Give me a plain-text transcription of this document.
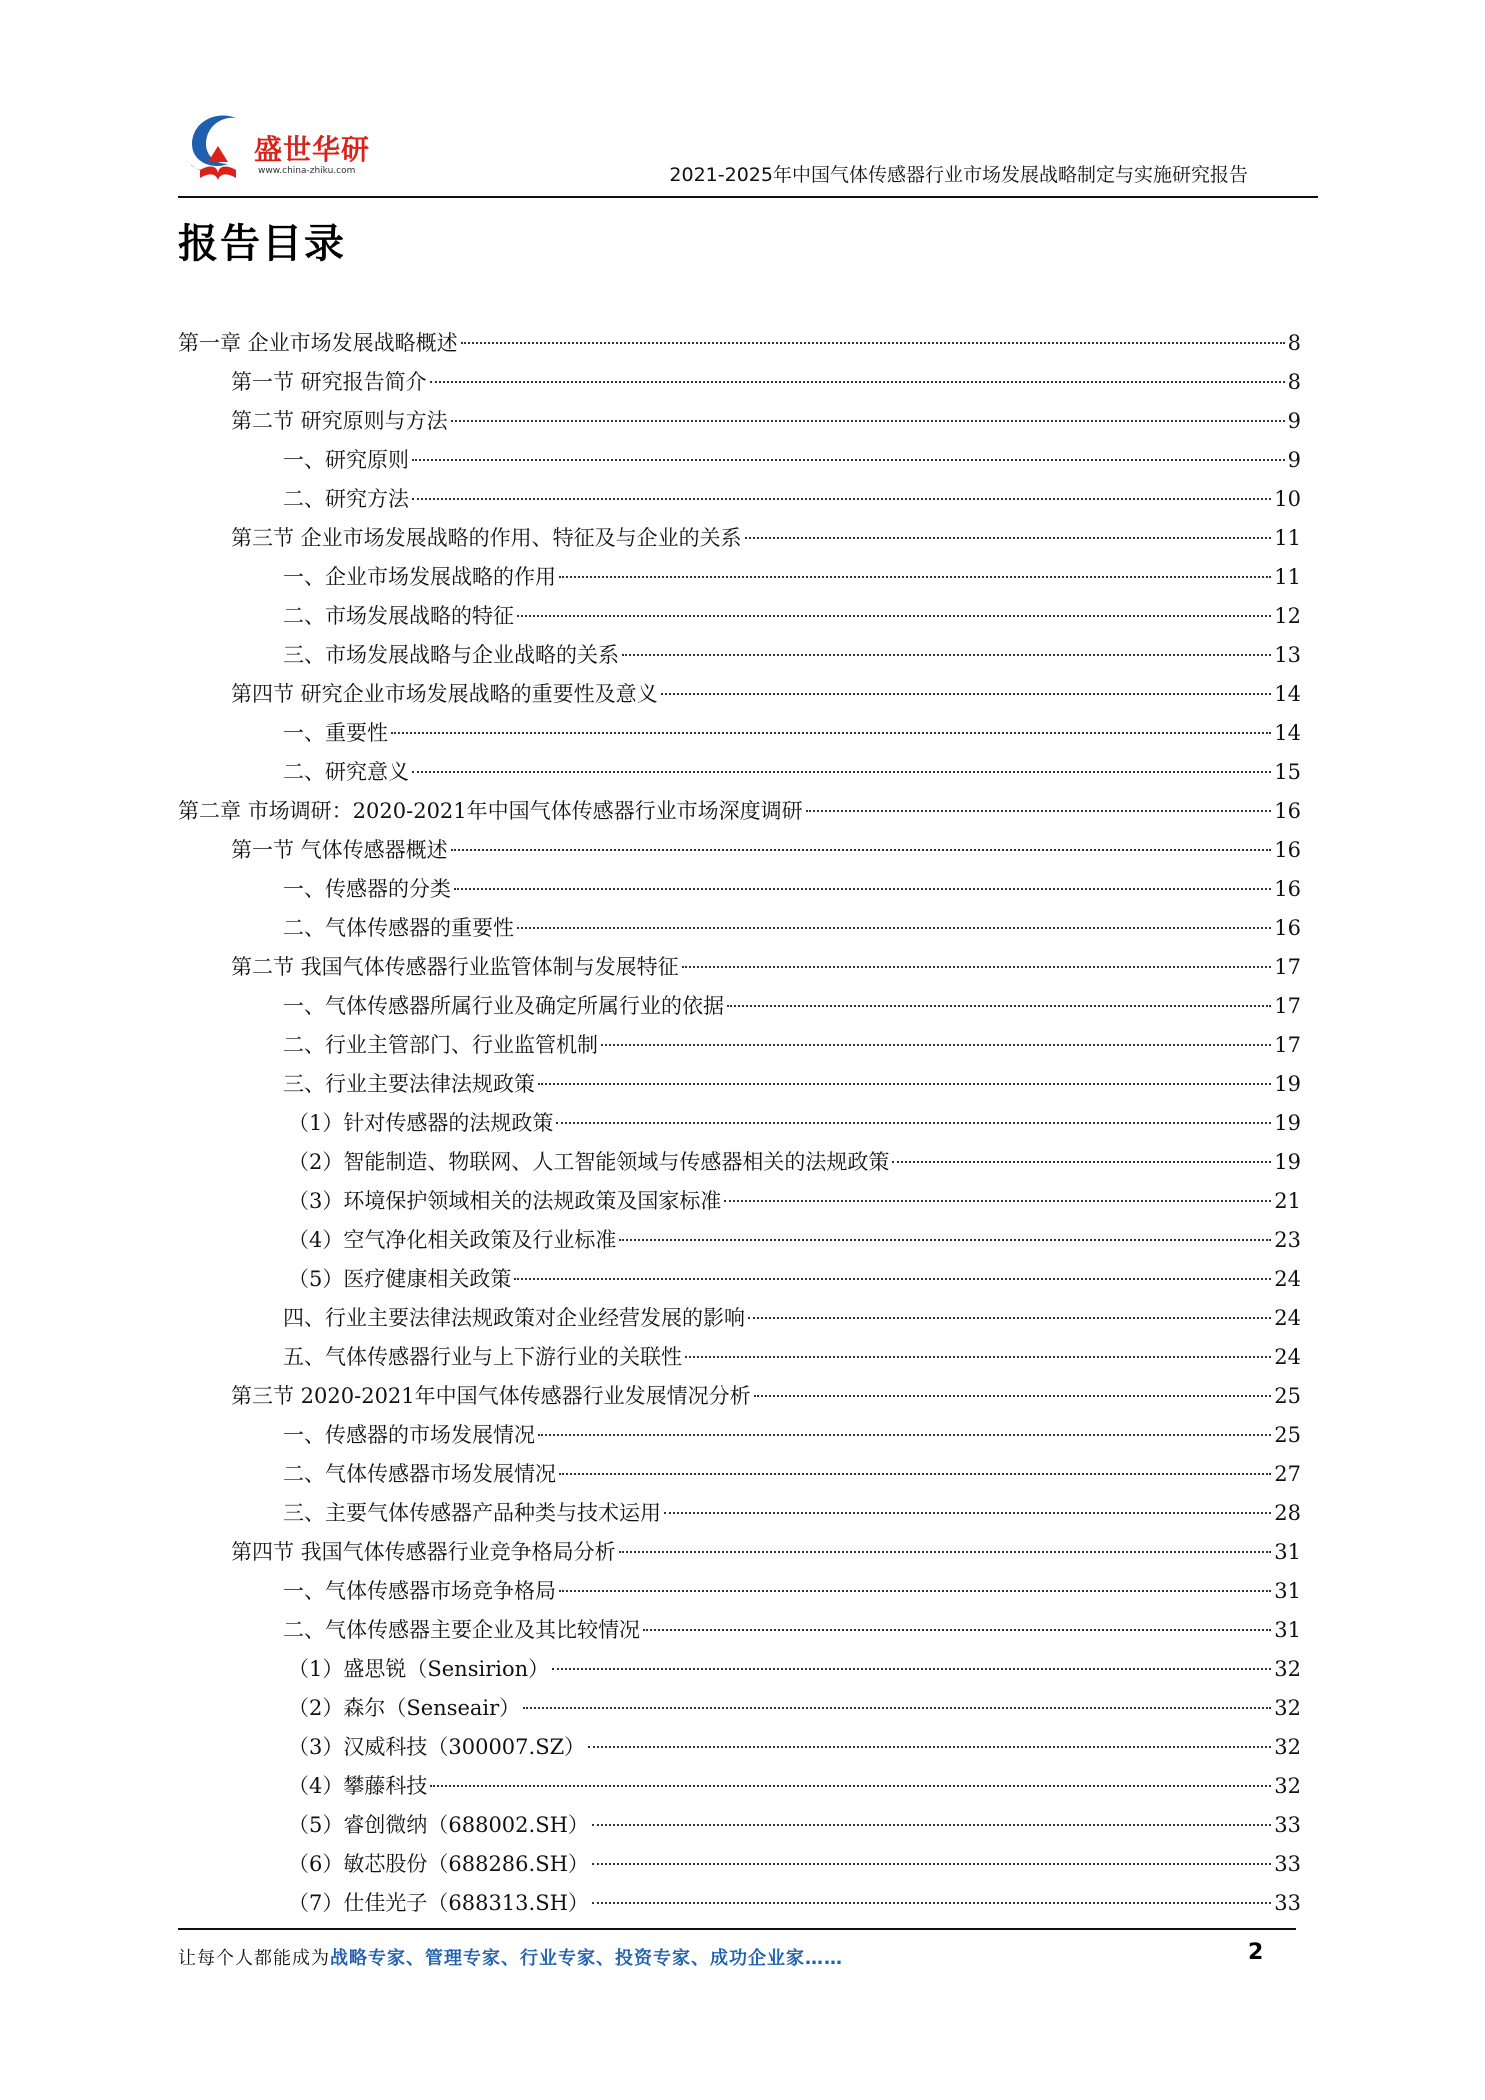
盛世华研
www.china-zhiku.com	2021-2025年中国气体传感器行业市场发展战略制定与实施研究报告
报告目录
第一章 企业市场发展战略概述	8
第一节 研究报告简介	8
第二节 研究原则与方法	9
一、研究原则	9
二、研究方法	10
第三节 企业市场发展战略的作用、特征及与企业的关系	11
一、企业市场发展战略的作用	11
二、市场发展战略的特征	12
三、市场发展战略与企业战略的关系	13
第四节 研究企业市场发展战略的重要性及意义	14
一、重要性	14
二、研究意义	15
第二章 市场调研：2020-2021年中国气体传感器行业市场深度调研	16
第一节 气体传感器概述	16
一、传感器的分类	16
二、气体传感器的重要性	16
第二节 我国气体传感器行业监管体制与发展特征	17
一、气体传感器所属行业及确定所属行业的依据	17
二、行业主管部门、行业监管机制	17
三、行业主要法律法规政策	19
（1）针对传感器的法规政策	19
（2）智能制造、物联网、人工智能领域与传感器相关的法规政策	19
（3）环境保护领域相关的法规政策及国家标准	21
（4）空气净化相关政策及行业标准	23
（5）医疗健康相关政策	24
四、行业主要法律法规政策对企业经营发展的影响	24
五、气体传感器行业与上下游行业的关联性	24
第三节 2020-2021年中国气体传感器行业发展情况分析	25
一、传感器的市场发展情况	25
二、气体传感器市场发展情况	27
三、主要气体传感器产品种类与技术运用	28
第四节 我国气体传感器行业竞争格局分析	31
一、气体传感器市场竞争格局	31
二、气体传感器主要企业及其比较情况	31
（1）盛思锐（Sensirion）	32
（2）森尔（Senseair）	32
（3）汉威科技（300007.SZ）	32
（4）攀藤科技	32
（5）睿创微纳（688002.SH）	33
（6）敏芯股份（688286.SH）	33
（7）仕佳光子（688313.SH）	33
让每个人都能成为战略专家、管理专家、行业专家、投资专家、成功企业家……	2
